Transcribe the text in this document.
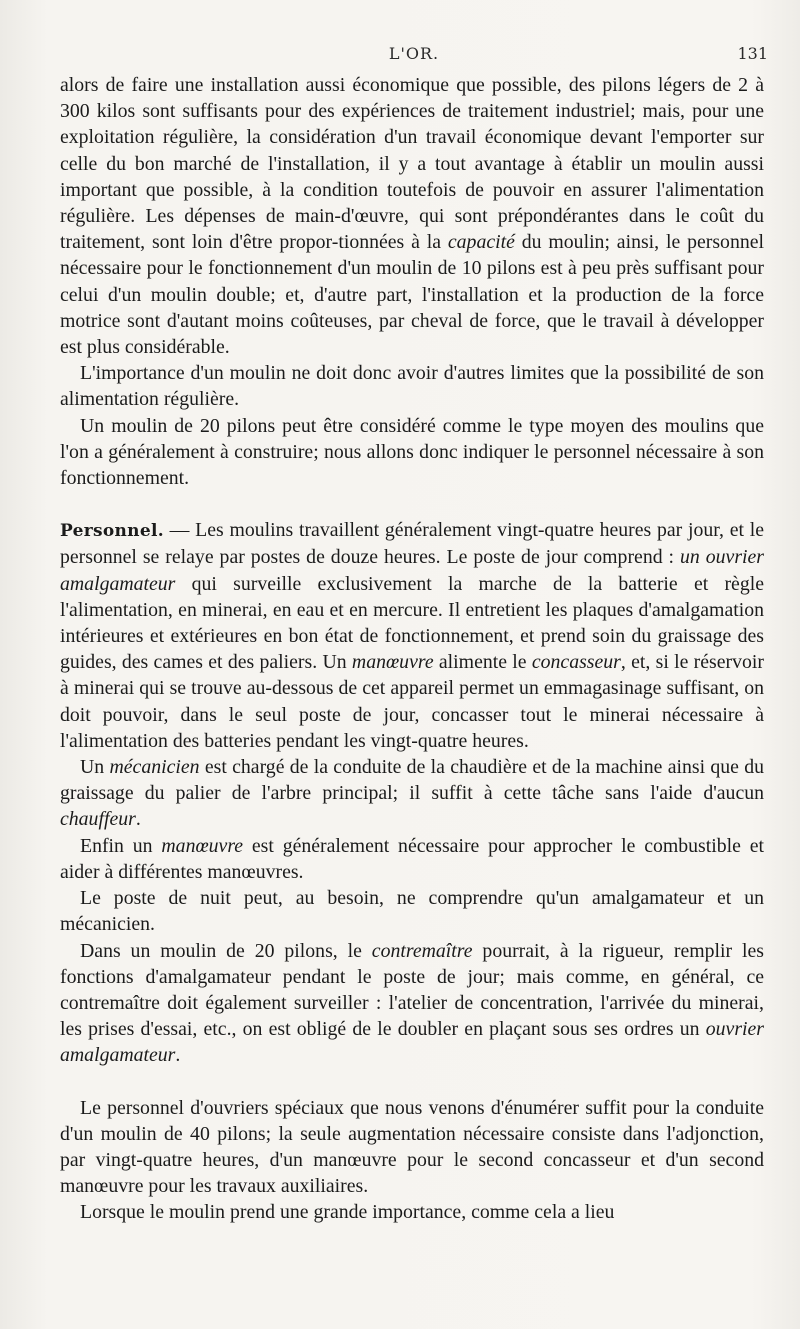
L'OR.	131

alors de faire une installation aussi économique que possible, des pilons légers de 2 à 300 kilos sont suffisants pour des expériences de traitement industriel; mais, pour une exploitation régulière, la considération d'un travail économique devant l'emporter sur celle du bon marché de l'installation, il y a tout avantage à établir un moulin aussi important que possible, à la condition toutefois de pouvoir en assurer l'alimentation régulière. Les dépenses de main-d'œuvre, qui sont prépondérantes dans le coût du traitement, sont loin d'être propor-tionnées à la capacité du moulin; ainsi, le personnel nécessaire pour le fonctionnement d'un moulin de 10 pilons est à peu près suffisant pour celui d'un moulin double; et, d'autre part, l'installation et la production de la force motrice sont d'autant moins coûteuses, par cheval de force, que le travail à développer est plus considérable.

L'importance d'un moulin ne doit donc avoir d'autres limites que la possibilité de son alimentation régulière.

Un moulin de 20 pilons peut être considéré comme le type moyen des moulins que l'on a généralement à construire; nous allons donc indiquer le personnel nécessaire à son fonctionnement.

Personnel. — Les moulins travaillent généralement vingt-quatre heures par jour, et le personnel se relaye par postes de douze heures. Le poste de jour comprend : un ouvrier amalgamateur qui surveille exclusivement la marche de la batterie et règle l'alimentation, en minerai, en eau et en mercure. Il entretient les plaques d'amalgamation intérieures et extérieures en bon état de fonctionnement, et prend soin du graissage des guides, des cames et des paliers. Un manœuvre alimente le concasseur, et, si le réservoir à minerai qui se trouve au-dessous de cet appareil permet un emmagasinage suffisant, on doit pouvoir, dans le seul poste de jour, concasser tout le minerai nécessaire à l'alimentation des batteries pendant les vingt-quatre heures.

Un mécanicien est chargé de la conduite de la chaudière et de la machine ainsi que du graissage du palier de l'arbre principal; il suffit à cette tâche sans l'aide d'aucun chauffeur.

Enfin un manœuvre est généralement nécessaire pour approcher le combustible et aider à différentes manœuvres.

Le poste de nuit peut, au besoin, ne comprendre qu'un amalgamateur et un mécanicien.

Dans un moulin de 20 pilons, le contremaître pourrait, à la rigueur, remplir les fonctions d'amalgamateur pendant le poste de jour; mais comme, en général, ce contremaître doit également surveiller : l'atelier de concentration, l'arrivée du minerai, les prises d'essai, etc., on est obligé de le doubler en plaçant sous ses ordres un ouvrier amalgamateur.

Le personnel d'ouvriers spéciaux que nous venons d'énumérer suffit pour la conduite d'un moulin de 40 pilons; la seule augmentation nécessaire consiste dans l'adjonction, par vingt-quatre heures, d'un manœuvre pour le second concasseur et d'un second manœuvre pour les travaux auxiliaires.

Lorsque le moulin prend une grande importance, comme cela a lieu
